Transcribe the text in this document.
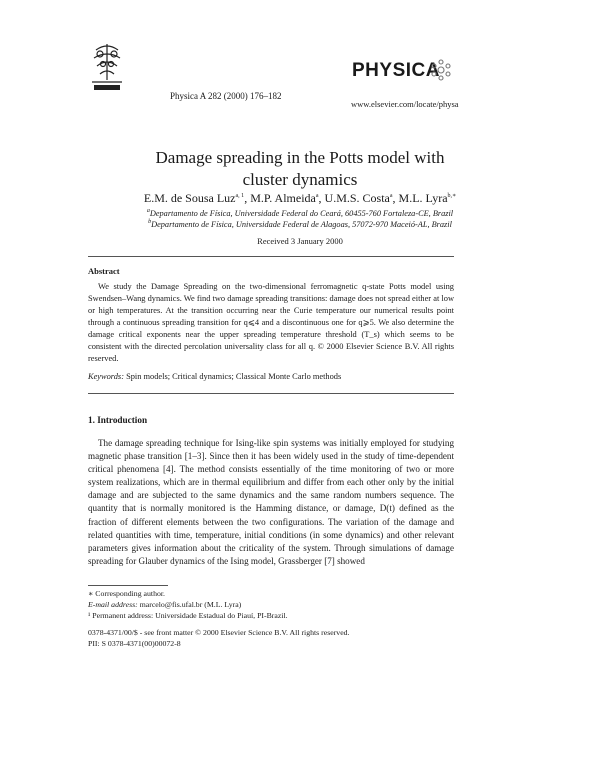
Physica A 282 (2000) 176–182
PHYSICA
www.elsevier.com/locate/physa
Damage spreading in the Potts model with
cluster dynamics
E.M. de Sousa Luz$^{a, 1}$, M.P. Almeida$^a$, U.M.S. Costa$^a$, M.L. Lyra$^{b,∗}$
$^a$Departamento de Física, Universidade Federal do Ceará, 60455-760 Fortaleza-CE, Brazil
$^b$Departamento de Física, Universidade Federal de Alagoas, 57072-970 Maceió-AL, Brazil
Received 3 January 2000
Abstract
We study the Damage Spreading on the two-dimensional ferromagnetic q-state Potts model using Swendsen–Wang dynamics. We find two damage spreading transitions: damage does not spread either at low or high temperatures. At the transition occurring near the Curie temperature our numerical results point through a continuous spreading transition for q⩽4 and a discontinuous one for q⩾5. We also determine the damage critical exponents near the upper spreading temperature threshold (T_s) which seems to be consistent with the directed percolation universality class for all q. © 2000 Elsevier Science B.V. All rights reserved.
Keywords: Spin models; Critical dynamics; Classical Monte Carlo methods
1. Introduction
The damage spreading technique for Ising-like spin systems was initially employed for studying magnetic phase transition [1–3]. Since then it has been widely used in the study of time-dependent critical phenomena [4]. The method consists essentially of the time monitoring of two or more system realizations, which are in thermal equilibrium and differ from each other only by the initial damage and are subjected to the same dynamics and the same random numbers sequence. The quantity that is normally monitored is the Hamming distance, or damage, D(t) defined as the fraction of different elements between the two configurations. The variation of the damage and related quantities with time, temperature, initial conditions (in some dynamics) and other relevant parameters gives information about the criticality of the system. Through simulations of damage spreading for Glauber dynamics of the Ising model, Grassberger [7] showed
∗ Corresponding author.
E-mail address: marcelo@fis.ufal.br (M.L. Lyra)
¹ Permanent address: Universidade Estadual do Piauí, PI-Brazil.
0378-4371/00/$ - see front matter © 2000 Elsevier Science B.V. All rights reserved.
PII: S 0378-4371(00)00072-8
